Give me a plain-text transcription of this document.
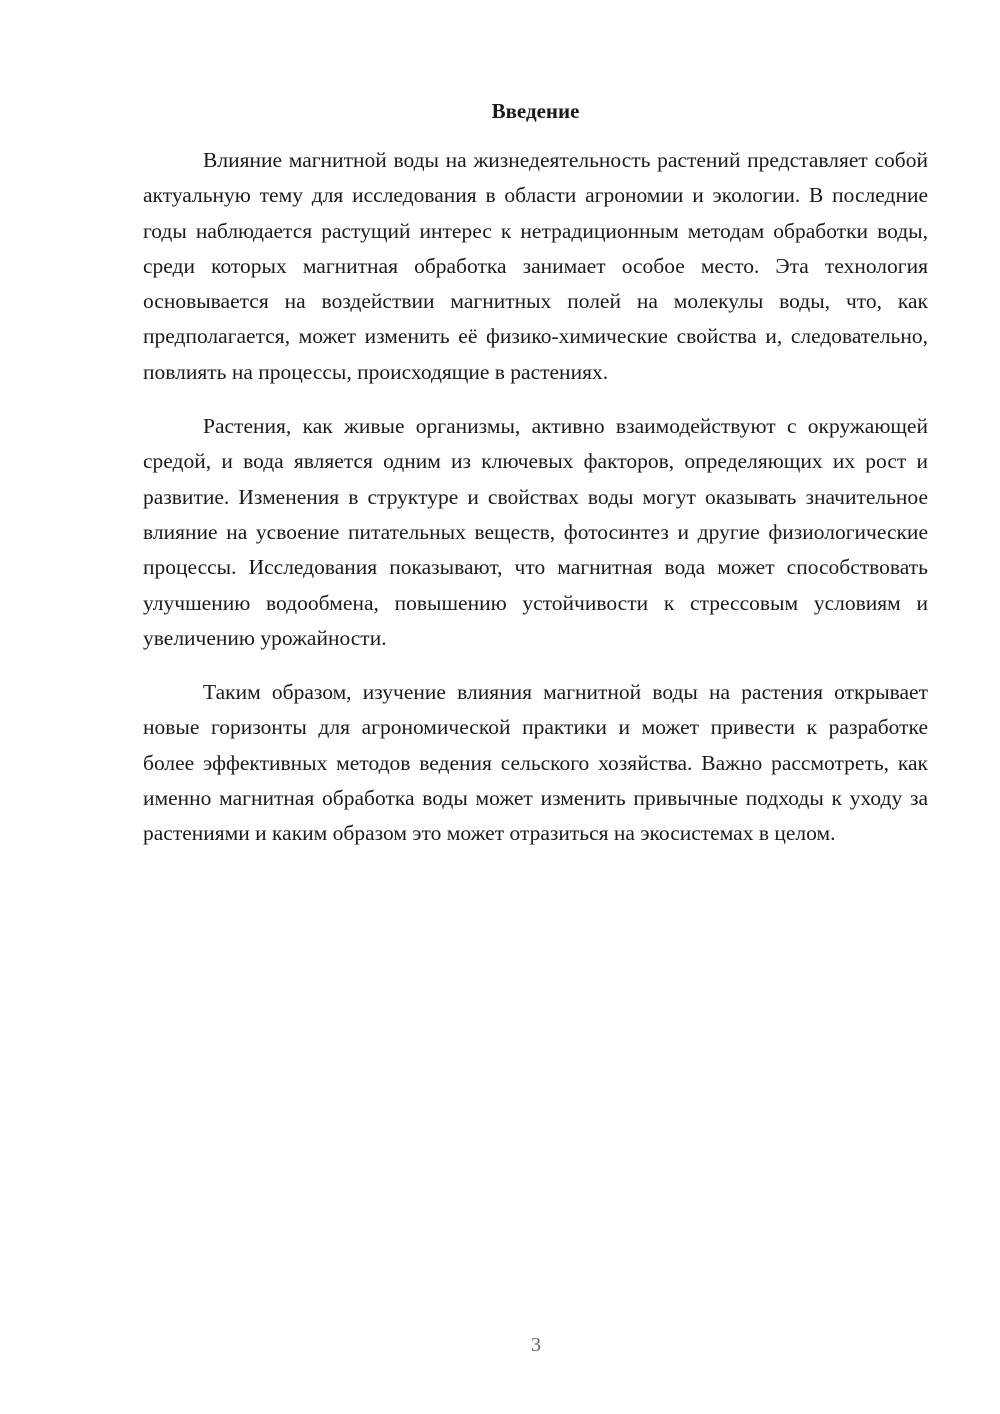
Введение

Влияние магнитной воды на жизнедеятельность растений представляет собой актуальную тему для исследования в области агрономии и экологии. В последние годы наблюдается растущий интерес к нетрадиционным методам обработки воды, среди которых магнитная обработка занимает особое место. Эта технология основывается на воздействии магнитных полей на молекулы воды, что, как предполагается, может изменить её физико-химические свойства и, следовательно, повлиять на процессы, происходящие в растениях.

Растения, как живые организмы, активно взаимодействуют с окружающей средой, и вода является одним из ключевых факторов, определяющих их рост и развитие. Изменения в структуре и свойствах воды могут оказывать значительное влияние на усвоение питательных веществ, фотосинтез и другие физиологические процессы. Исследования показывают, что магнитная вода может способствовать улучшению водообмена, повышению устойчивости к стрессовым условиям и увеличению урожайности.

Таким образом, изучение влияния магнитной воды на растения открывает новые горизонты для агрономической практики и может привести к разработке более эффективных методов ведения сельского хозяйства. Важно рассмотреть, как именно магнитная обработка воды может изменить привычные подходы к уходу за растениями и каким образом это может отразиться на экосистемах в целом.

3
